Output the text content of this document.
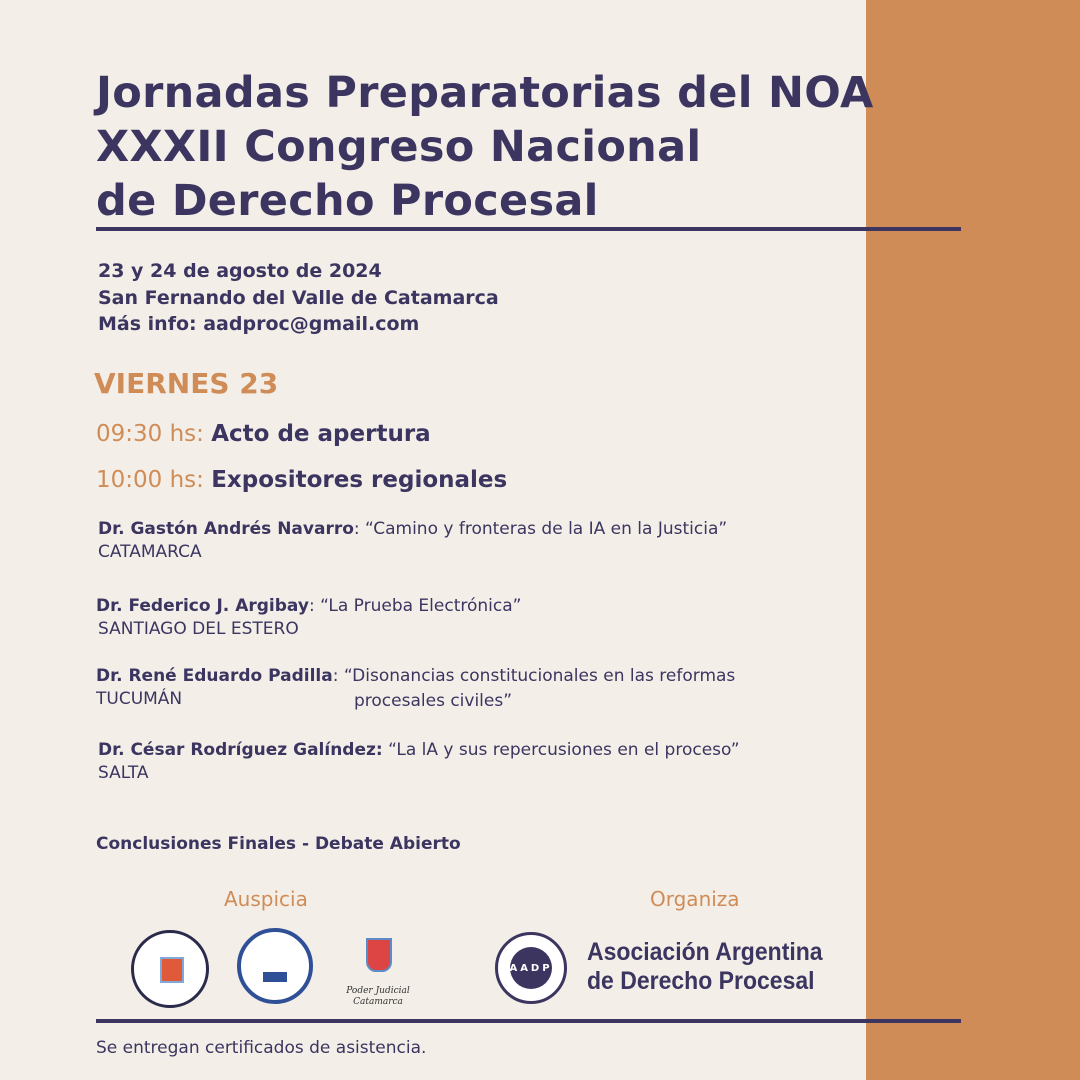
Jornadas Preparatorias del NOA
XXXII Congreso Nacional
de Derecho Procesal
23 y 24 de agosto de 2024
San Fernando del Valle de Catamarca
Más info: aadproc@gmail.com
VIERNES 23
09:30 hs: Acto de apertura
10:00 hs: Expositores regionales
Dr. Gastón Andrés Navarro: “Camino y fronteras de la IA en la Justicia”
CATAMARCA
Dr. Federico J. Argibay: “La Prueba Electrónica”
SANTIAGO DEL ESTERO
Dr. René Eduardo Padilla: “Disonancias constitucionales en las reformas
TUCUMÁN	procesales civiles”
Dr. César Rodríguez Galíndez: “La lA y sus repercusiones en el proceso”
SALTA
Conclusiones Finales - Debate Abierto
Auspicia	Organiza
Poder Judicial
Catamarca
AADP
Asociación Argentina
de Derecho Procesal
Se entregan certificados de asistencia.
